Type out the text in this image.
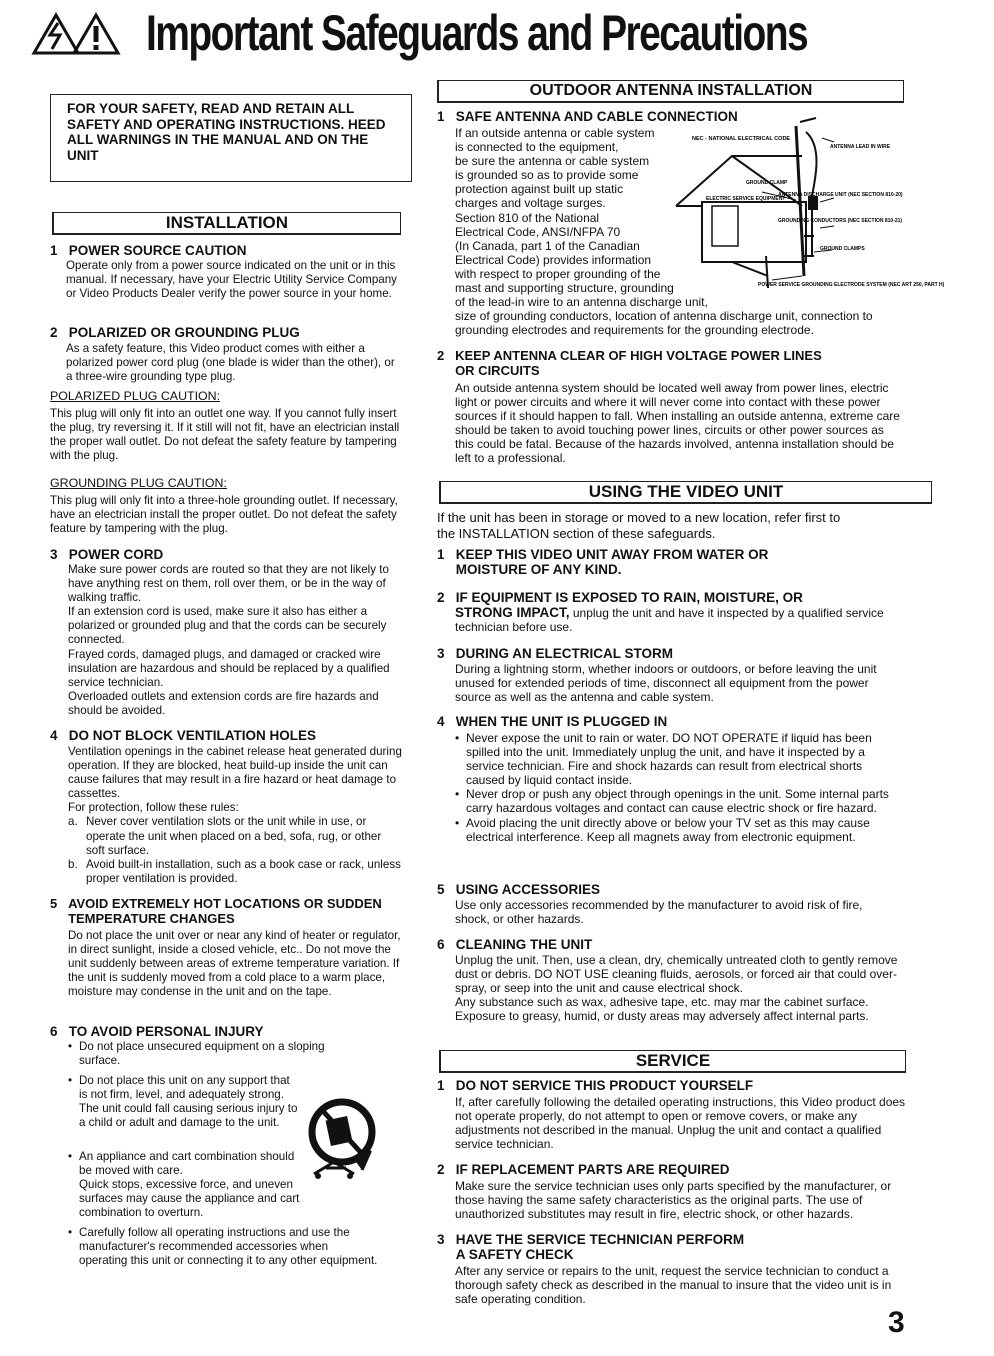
Important Safeguards and Precautions
FOR YOUR SAFETY, READ AND RETAIN ALL SAFETY AND OPERATING INSTRUCTIONS. HEED ALL WARNINGS IN THE MANUAL AND ON THE UNIT
INSTALLATION
1 POWER SOURCE CAUTION
Operate only from a power source indicated on the unit or in this manual. If necessary, have your Electric Utility Service Company or Video Products Dealer verify the power source in your home.
2 POLARIZED OR GROUNDING PLUG
As a safety feature, this Video product comes with either a polarized power cord plug (one blade is wider than the other), or a three-wire grounding type plug.
POLARIZED PLUG CAUTION:
This plug will only fit into an outlet one way. If you cannot fully insert the plug, try reversing it. If it still will not fit, have an electrician install the proper wall outlet. Do not defeat the safety feature by tampering with the plug.
GROUNDING PLUG CAUTION:
This plug will only fit into a three-hole grounding outlet. If necessary, have an electrician install the proper outlet. Do not defeat the safety feature by tampering with the plug.
3 POWER CORD

Make sure power cords are routed so that they are not likely to have anything rest on them, roll over them, or be in the way of walking traffic.

If an extension cord is used, make sure it also has either a polarized or grounded plug and that the cords can be securely connected.

Frayed cords, damaged plugs, and damaged or cracked wire insulation are hazardous and should be replaced by a qualified service technician.

Overloaded outlets and extension cords are fire hazards and should be avoided.

4 DO NOT BLOCK VENTILATION HOLES

Ventilation openings in the cabinet release heat generated during operation. If they are blocked, heat build-up inside the unit can cause failures that may result in a fire hazard or heat damage to cassettes.

For protection, follow these rules:

a. Never cover ventilation slots or the unit while in use, or operate the unit when placed on a bed, sofa, rug, or other soft surface.

b. Avoid built-in installation, such as a book case or rack, unless proper ventilation is provided.

5 AVOID EXTREMELY HOT LOCATIONS OR SUDDEN
TEMPERATURE CHANGES
Do not place the unit over or near any kind of heater or regulator, in direct sunlight, inside a closed vehicle, etc.. Do not move the unit suddenly between areas of extreme temperature variation. If the unit is suddenly moved from a cold place to a warm place, moisture may condense in the unit and on the tape.
6 TO AVOID PERSONAL INJURY

• Do not place unsecured equipment on a sloping surface.

• Do not place this unit on any support that is not firm, level, and adequately strong. The unit could fall causing serious injury to a child or adult and damage to the unit.

• An appliance and cart combination should be moved with care.

Quick stops, excessive force, and uneven surfaces may cause the appliance and cart combination to overturn.

• Carefully follow all operating instructions and use the manufacturer's recommended accessories when operating this unit or connecting it to any other equipment.

OUTDOOR ANTENNA INSTALLATION
1 SAFE ANTENNA AND CABLE CONNECTION

If an outside antenna or cable system

is connected to the equipment,

be sure the antenna or cable system

is grounded so as to provide some

protection against built up static

charges and voltage surges.

Section 810 of the National

Electrical Code, ANSI/NFPA 70

(In Canada, part 1 of the Canadian

Electrical Code) provides information

with respect to proper grounding of the

mast and supporting structure, grounding

of the lead-in wire to an antenna discharge unit,

size of grounding conductors, location of antenna discharge unit, connection to grounding electrodes and requirements for the grounding electrode.
NEC - NATIONAL ELECTRICAL CODE
ANTENNA LEAD IN WIRE
GROUND CLAMP
ANTENNA DISCHARGE UNIT (NEC SECTION 810-20)
ELECTRIC SERVICE EQUIPMENT
GROUNDING CONDUCTORS (NEC SECTION 810-21)
GROUND CLAMPS
POWER SERVICE GROUNDING ELECTRODE SYSTEM (NEC ART 250, PART H)
2 KEEP ANTENNA CLEAR OF HIGH VOLTAGE POWER LINES
OR CIRCUITS
An outside antenna system should be located well away from power lines, electric light or power circuits and where it will never come into contact with these power sources if it should happen to fall. When installing an outside antenna, extreme care should be taken to avoid touching power lines, circuits or other power sources as this could be fatal. Because of the hazards involved, antenna installation should be left to a professional.
USING THE VIDEO UNIT
If the unit has been in storage or moved to a new location, refer first to the INSTALLATION section of these safeguards.
1 KEEP THIS VIDEO UNIT AWAY FROM WATER OR
MOISTURE OF ANY KIND.
2 IF EQUIPMENT IS EXPOSED TO RAIN, MOISTURE, OR
STRONG IMPACT, unplug the unit and have it inspected by a qualified service technician before use.
3 DURING AN ELECTRICAL STORM
During a lightning storm, whether indoors or outdoors, or before leaving the unit unused for extended periods of time, disconnect all equipment from the power source as well as the antenna and cable system.
4 WHEN THE UNIT IS PLUGGED IN

• Never expose the unit to rain or water. DO NOT OPERATE if liquid has been spilled into the unit. Immediately unplug the unit, and have it inspected by a service technician. Fire and shock hazards can result from electrical shorts caused by liquid contact inside.

• Never drop or push any object through openings in the unit. Some internal parts carry hazardous voltages and contact can cause electric shock or fire hazard.

• Avoid placing the unit directly above or below your TV set as this may cause electrical interference. Keep all magnets away from electronic equipment.

5 USING ACCESSORIES
Use only accessories recommended by the manufacturer to avoid risk of fire, shock, or other hazards.
6 CLEANING THE UNIT

Unplug the unit. Then, use a clean, dry, chemically untreated cloth to gently remove dust or debris. DO NOT USE cleaning fluids, aerosols, or forced air that could over-spray, or seep into the unit and cause electrical shock.

Any substance such as wax, adhesive tape, etc. may mar the cabinet surface. Exposure to greasy, humid, or dusty areas may adversely affect internal parts.

SERVICE
1 DO NOT SERVICE THIS PRODUCT YOURSELF
If, after carefully following the detailed operating instructions, this Video product does not operate properly, do not attempt to open or remove covers, or make any adjustments not described in the manual. Unplug the unit and contact a qualified service technician.
2 IF REPLACEMENT PARTS ARE REQUIRED
Make sure the service technician uses only parts specified by the manufacturer, or those having the same safety characteristics as the original parts. The use of unauthorized substitutes may result in fire, electric shock, or other hazards.
3 HAVE THE SERVICE TECHNICIAN PERFORM
A SAFETY CHECK
After any service or repairs to the unit, request the service technician to conduct a thorough safety check as described in the manual to insure that the video unit is in safe operating condition.
3
